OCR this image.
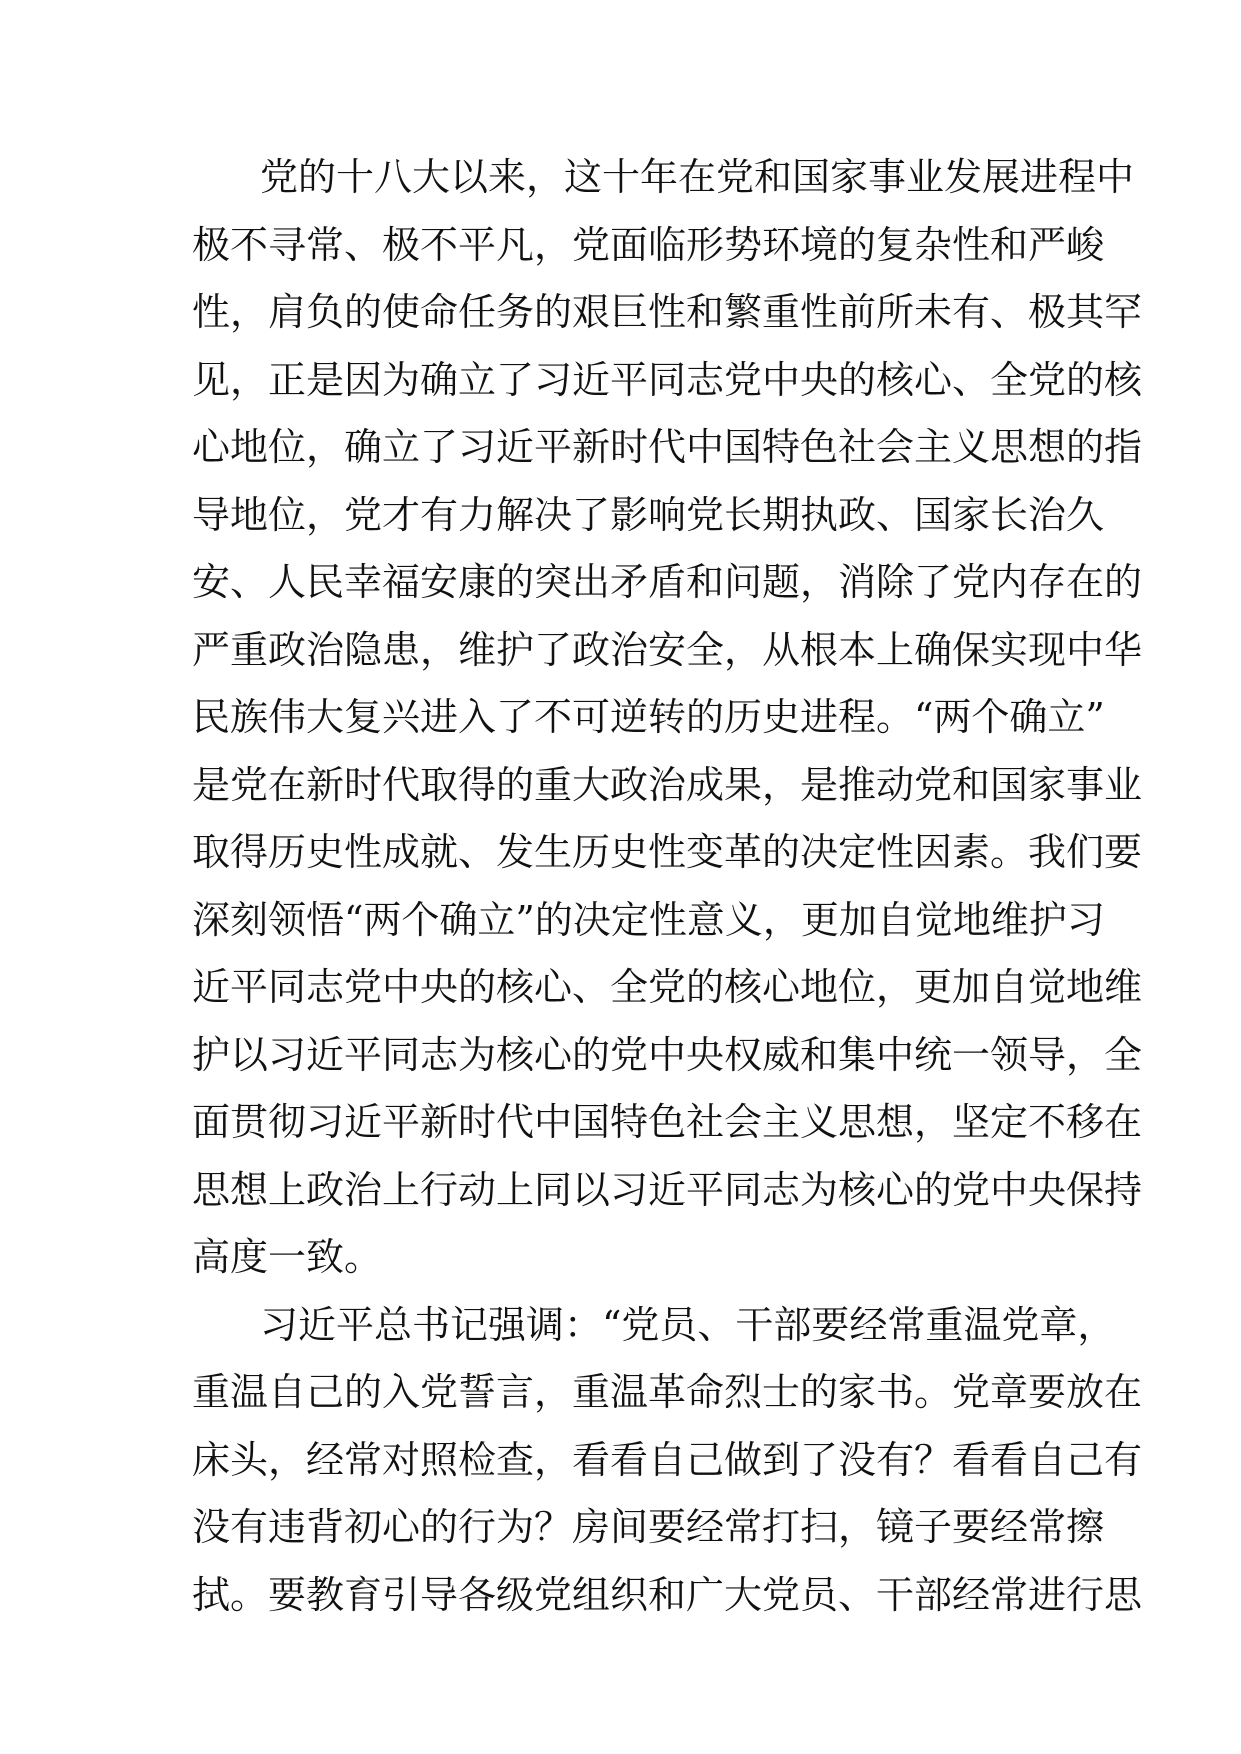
党的十八大以来，这十年在党和国家事业发展进程中
极不寻常、极不平凡，党面临形势环境的复杂性和严峻
性，肩负的使命任务的艰巨性和繁重性前所未有、极其罕
见，正是因为确立了习近平同志党中央的核心、全党的核
心地位，确立了习近平新时代中国特色社会主义思想的指
导地位，党才有力解决了影响党长期执政、国家长治久
安、人民幸福安康的突出矛盾和问题，消除了党内存在的
严重政治隐患，维护了政治安全，从根本上确保实现中华
民族伟大复兴进入了不可逆转的历史进程。“两个确立”
是党在新时代取得的重大政治成果，是推动党和国家事业
取得历史性成就、发生历史性变革的决定性因素。我们要
深刻领悟“两个确立”的决定性意义，更加自觉地维护习
近平同志党中央的核心、全党的核心地位，更加自觉地维
护以习近平同志为核心的党中央权威和集中统一领导，全
面贯彻习近平新时代中国特色社会主义思想，坚定不移在
思想上政治上行动上同以习近平同志为核心的党中央保持
高度一致。
习近平总书记强调：“党员、干部要经常重温党章，
重温自己的入党誓言，重温革命烈士的家书。党章要放在
床头，经常对照检查，看看自己做到了没有？看看自己有
没有违背初心的行为？房间要经常打扫，镜子要经常擦
拭。要教育引导各级党组织和广大党员、干部经常进行思
